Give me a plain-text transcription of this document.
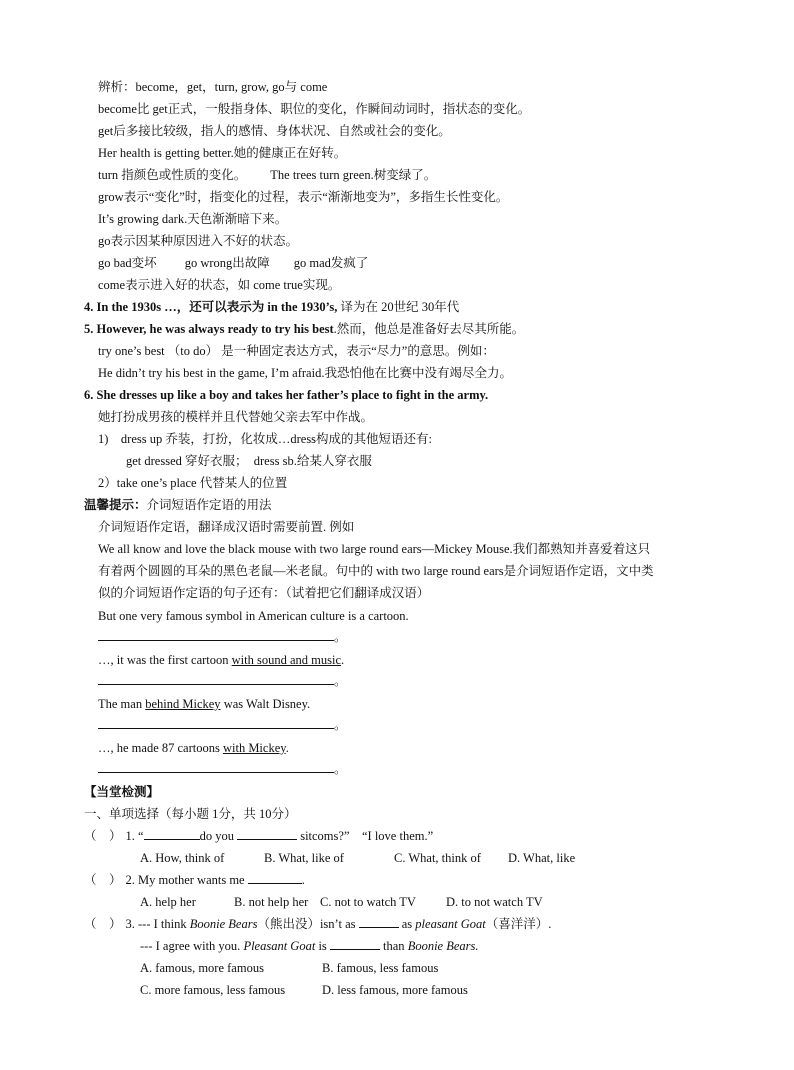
辨析：become，get，turn, grow, go与 come
become比 get正式，一般指身体、职位的变化，作瞬间动词时，指状态的变化。
get后多接比较级，指人的感情、身体状况、自然或社会的变化。
Her health is getting better.她的健康正在好转。
turn 指颜色或性质的变化。 The trees turn green.树变绿了。
grow表示“变化”时，指变化的过程，表示“渐渐地变为”，多指生长性变化。
It’s growing dark.天色渐渐暗下来。
go表示因某种原因进入不好的状态。
go bad变坏 go wrong出故障 go mad发疯了
come表示进入好的状态，如 come true实现。
4. In the 1930s …，还可以表示为 in the 1930’s, 译为在 20世纪 30年代
5. However, he was always ready to try his best.然而，他总是准备好去尽其所能。
try one’s best （to do） 是一种固定表达方式，表示“尽力”的意思。例如：
He didn’t try his best in the game, I’m afraid.我恐怕他在比赛中没有竭尽全力。
6. She dresses up like a boy and takes her father’s place to fight in the army.
她打扮成男孩的模样并且代替她父亲去军中作战。
1)　dress up 乔装，打扮，化妆成…dress构成的其他短语还有:
get dressed 穿好衣服；　dress sb.给某人穿衣服
2）take one’s place 代替某人的位置
温馨提示：介词短语作定语的用法
介词短语作定语，翻译成汉语时需要前置. 例如
We all know and love the black mouse with two large round ears—Mickey Mouse.我们都熟知并喜爱着这只
有着两个圆圆的耳朵的黑色老鼠—米老鼠。句中的 with two large round ears是介词短语作定语，文中类
似的介词短语作定语的句子还有：（试着把它们翻译成汉语）
But one very famous symbol in American culture is a cartoon.
。
…, it was the first cartoon with sound and music.
。
The man behind Mickey was Walt Disney.
。
…, he made 87 cartoons with Mickey.
。
【当堂检测】
一、单项选择（每小题 1分，共 10分）
（　） 1. “	do you	sitcoms?”　“I love them.”
A. How, think of	B. What, like of	C. What, think of D. What, like
（　） 2. My mother wants me	.
A. help her	B. not help her C. not to watch TV D. to not watch TV
（　） 3. --- I think Boonie Bears（熊出没）isn’t as	as pleasant Goat（喜洋洋）.
--- I agree with you. Pleasant Goat is	than Boonie Bears.
A. famous, more famous	B. famous, less famous
C. more famous, less famous	D. less famous, more famous
